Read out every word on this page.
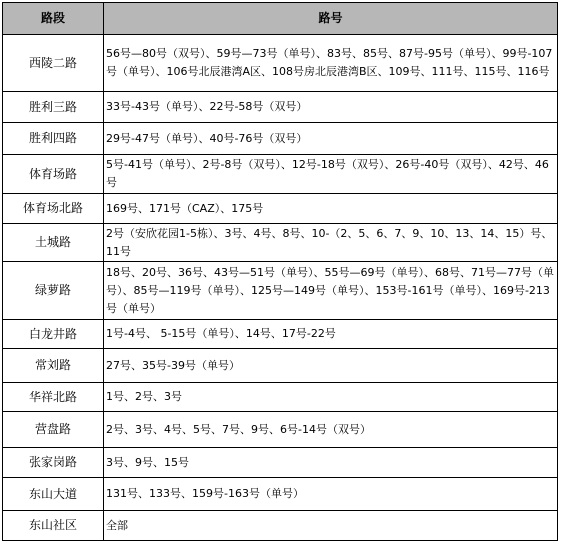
路段	路号
西陵二路	56号—80号（双号）、59号—73号（单号）、83号、85号、87号-95号（单号）、99号-107号（单号）、106号北辰港湾A区、108号房北辰港湾B区、109号、111号、115号、116号
胜利三路	33号-43号（单号）、22号-58号（双号）
胜利四路	29号-47号（单号）、40号-76号（双号）
体育场路	5号-41号（单号）、2号-8号（双号）、12号-18号（双号）、26号-40号（双号）、42号、46号
体育场北路	169号、171号（CAZ）、175号
土城路	2号（安欣花园1-5栋）、3号、4号、8号、10-（2、5、6、7、9、10、13、14、15）号、11号
绿萝路	18号、20号、36号、43号—51号（单号）、55号—69号（单号）、68号、71号—77号（单号）、85号—119号（单号）、125号—149号（单号）、153号-161号（单号）、169号-213号（单号）
白龙井路	1号-4号、 5-15号（单号）、14号、17号-22号
常刘路	27号、35号-39号（单号）
华祥北路	1号、2号、3号
营盘路	2号、3号、4号、5号、7号、9号、6号-14号（双号）
张家岗路	3号、9号、15号
东山大道	131号、133号、159号-163号（单号）
东山社区	全部
